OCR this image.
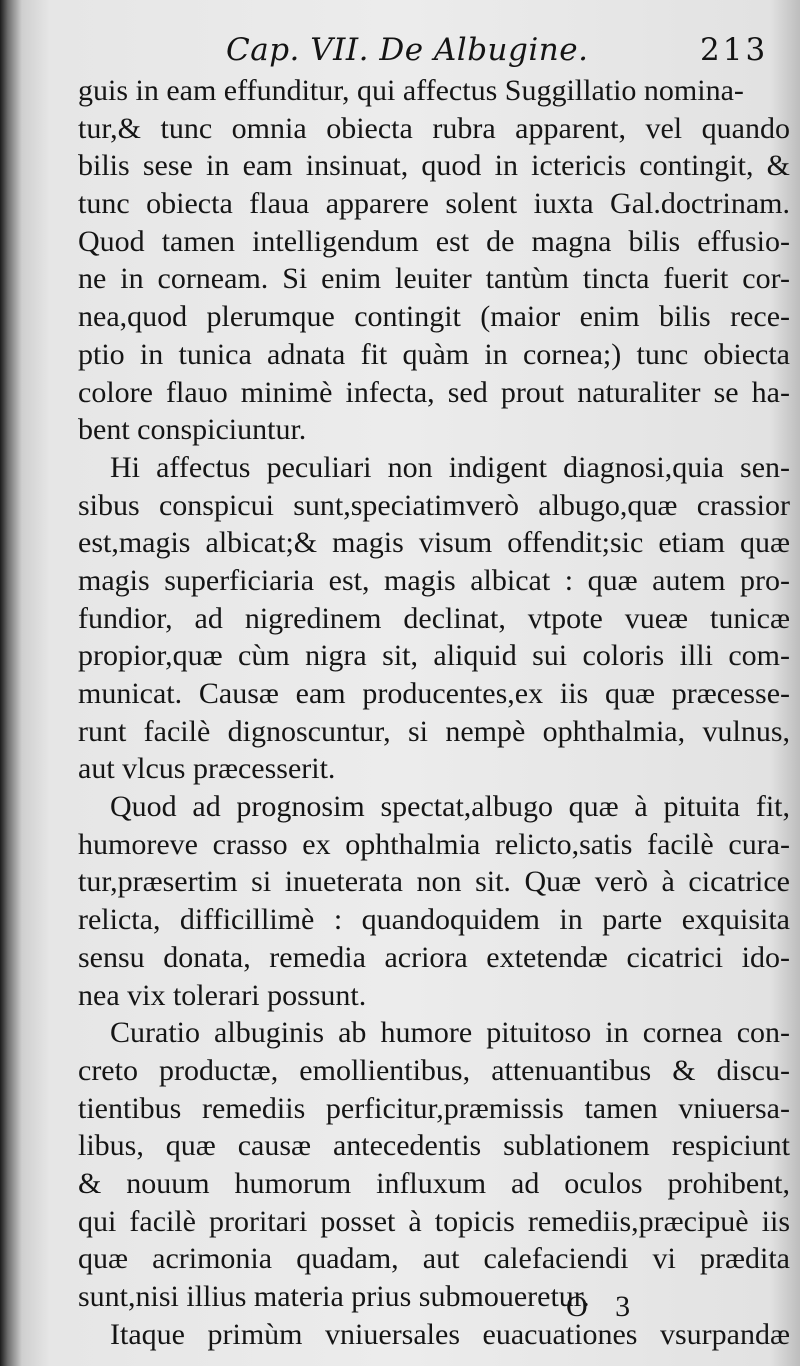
Cap. VII. De Albugine.	213
guis in eam effunditur, qui affectus Suggillatio nomina-
tur,& tunc omnia obiecta rubra apparent, vel quando
bilis sese in eam insinuat, quod in ictericis contingit, &
tunc obiecta flaua apparere solent iuxta Gal.doctrinam.
Quod tamen intelligendum est de magna bilis effusio-
ne in corneam. Si enim leuiter tantùm tincta fuerit cor-
nea,quod plerumque contingit (maior enim bilis rece-
ptio in tunica adnata fit quàm in cornea;) tunc obiecta
colore flauo minimè infecta, sed prout naturaliter se ha-
bent conspiciuntur.
Hi affectus peculiari non indigent diagnosi,quia sen-
sibus conspicui sunt,speciatimverò albugo,quæ crassior
est,magis albicat;& magis visum offendit;sic etiam quæ
magis superficiaria est, magis albicat : quæ autem pro-
fundior, ad nigredinem declinat, vtpote vueæ tunicæ
propior,quæ cùm nigra sit, aliquid sui coloris illi com-
municat. Causæ eam producentes,ex iis quæ præcesse-
runt facilè dignoscuntur, si nempè ophthalmia, vulnus,
aut vlcus præcesserit.
Quod ad prognosim spectat,albugo quæ à pituita fit,
humoreve crasso ex ophthalmia relicto,satis facilè cura-
tur,præsertim si inueterata non sit. Quæ verò à cicatrice
relicta, difficillimè : quandoquidem in parte exquisita
sensu donata, remedia acriora extetendæ cicatrici ido-
nea vix tolerari possunt.
Curatio albuginis ab humore pituitoso in cornea con-
creto productæ, emollientibus, attenuantibus & discu-
tientibus remediis perficitur,præmissis tamen vniuersa-
libus, quæ causæ antecedentis sublationem respiciunt
& nouum humorum influxum ad oculos prohibent,
qui facilè proritari posset à topicis remediis,præcipuè iis
quæ acrimonia quadam, aut calefaciendi vi prædita
sunt,nisi illius materia prius submoueretur.
Itaque primùm vniuersales euacuationes vsurpandæ
O 3
